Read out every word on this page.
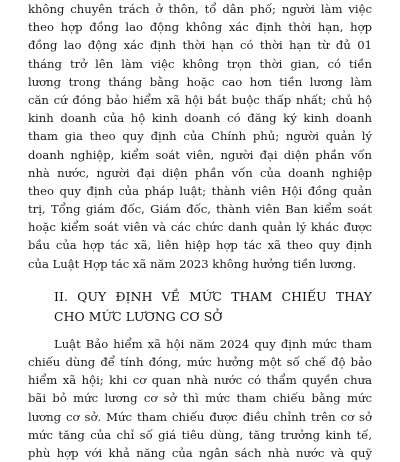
không chuyên trách ở thôn, tổ dân phố; người làm việc
theo hợp đồng lao động không xác định thời hạn, hợp
đồng lao động xác định thời hạn có thời hạn từ đủ 01
tháng trở lên làm việc không trọn thời gian, có tiền
lương trong tháng bằng hoặc cao hơn tiền lương làm
căn cứ đóng bảo hiểm xã hội bắt buộc thấp nhất; chủ hộ
kinh doanh của hộ kinh doanh có đăng ký kinh doanh
tham gia theo quy định của Chính phủ; người quản lý
doanh nghiệp, kiểm soát viên, người đại diện phần vốn
nhà nước, người đại diện phần vốn của doanh nghiệp
theo quy định của pháp luật; thành viên Hội đồng quản
trị, Tổng giám đốc, Giám đốc, thành viên Ban kiểm soát
hoặc kiểm soát viên và các chức danh quản lý khác được
bầu của hợp tác xã, liên hiệp hợp tác xã theo quy định
của Luật Hợp tác xã năm 2023 không hưởng tiền lương.
II. QUY ĐỊNH VỀ MỨC THAM CHIẾU THAY
CHO MỨC LƯƠNG CƠ SỞ
Luật Bảo hiểm xã hội năm 2024 quy định mức tham
chiếu dùng để tính đóng, mức hưởng một số chế độ bảo
hiểm xã hội; khi cơ quan nhà nước có thẩm quyền chưa
bãi bỏ mức lương cơ sở thì mức tham chiếu bằng mức
lương cơ sở. Mức tham chiếu được điều chỉnh trên cơ sở
mức tăng của chỉ số giá tiêu dùng, tăng trưởng kinh tế,
phù hợp với khả năng của ngân sách nhà nước và quỹ
